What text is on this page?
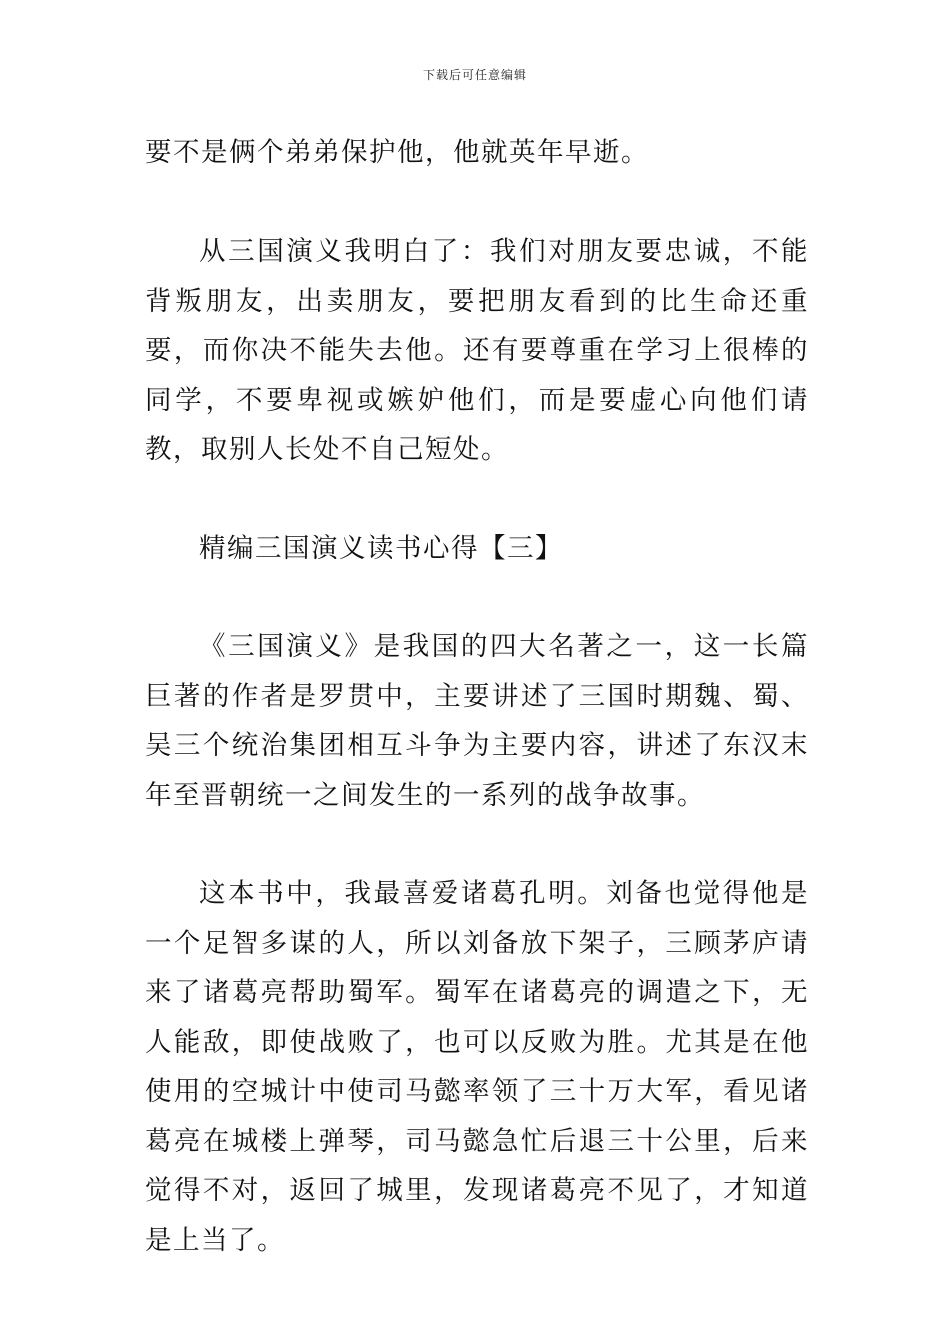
下载后可任意编辑

要不是俩个弟弟保护他，他就英年早逝。

从三国演义我明白了：我们对朋友要忠诚，不能背叛朋友，出卖朋友，要把朋友看到的比生命还重要，而你决不能失去他。还有要尊重在学习上很棒的同学，不要卑视或嫉妒他们，而是要虚心向他们请教，取别人长处不自己短处。

精编三国演义读书心得【三】

《三国演义》是我国的四大名著之一，这一长篇巨著的作者是罗贯中，主要讲述了三国时期魏、蜀、吴三个统治集团相互斗争为主要内容，讲述了东汉末年至晋朝统一之间发生的一系列的战争故事。

这本书中，我最喜爱诸葛孔明。刘备也觉得他是一个足智多谋的人，所以刘备放下架子，三顾茅庐请来了诸葛亮帮助蜀军。蜀军在诸葛亮的调遣之下，无人能敌，即使战败了，也可以反败为胜。尤其是在他使用的空城计中使司马懿率领了三十万大军，看见诸葛亮在城楼上弹琴，司马懿急忙后退三十公里，后来觉得不对，返回了城里，发现诸葛亮不见了，才知道是上当了。
